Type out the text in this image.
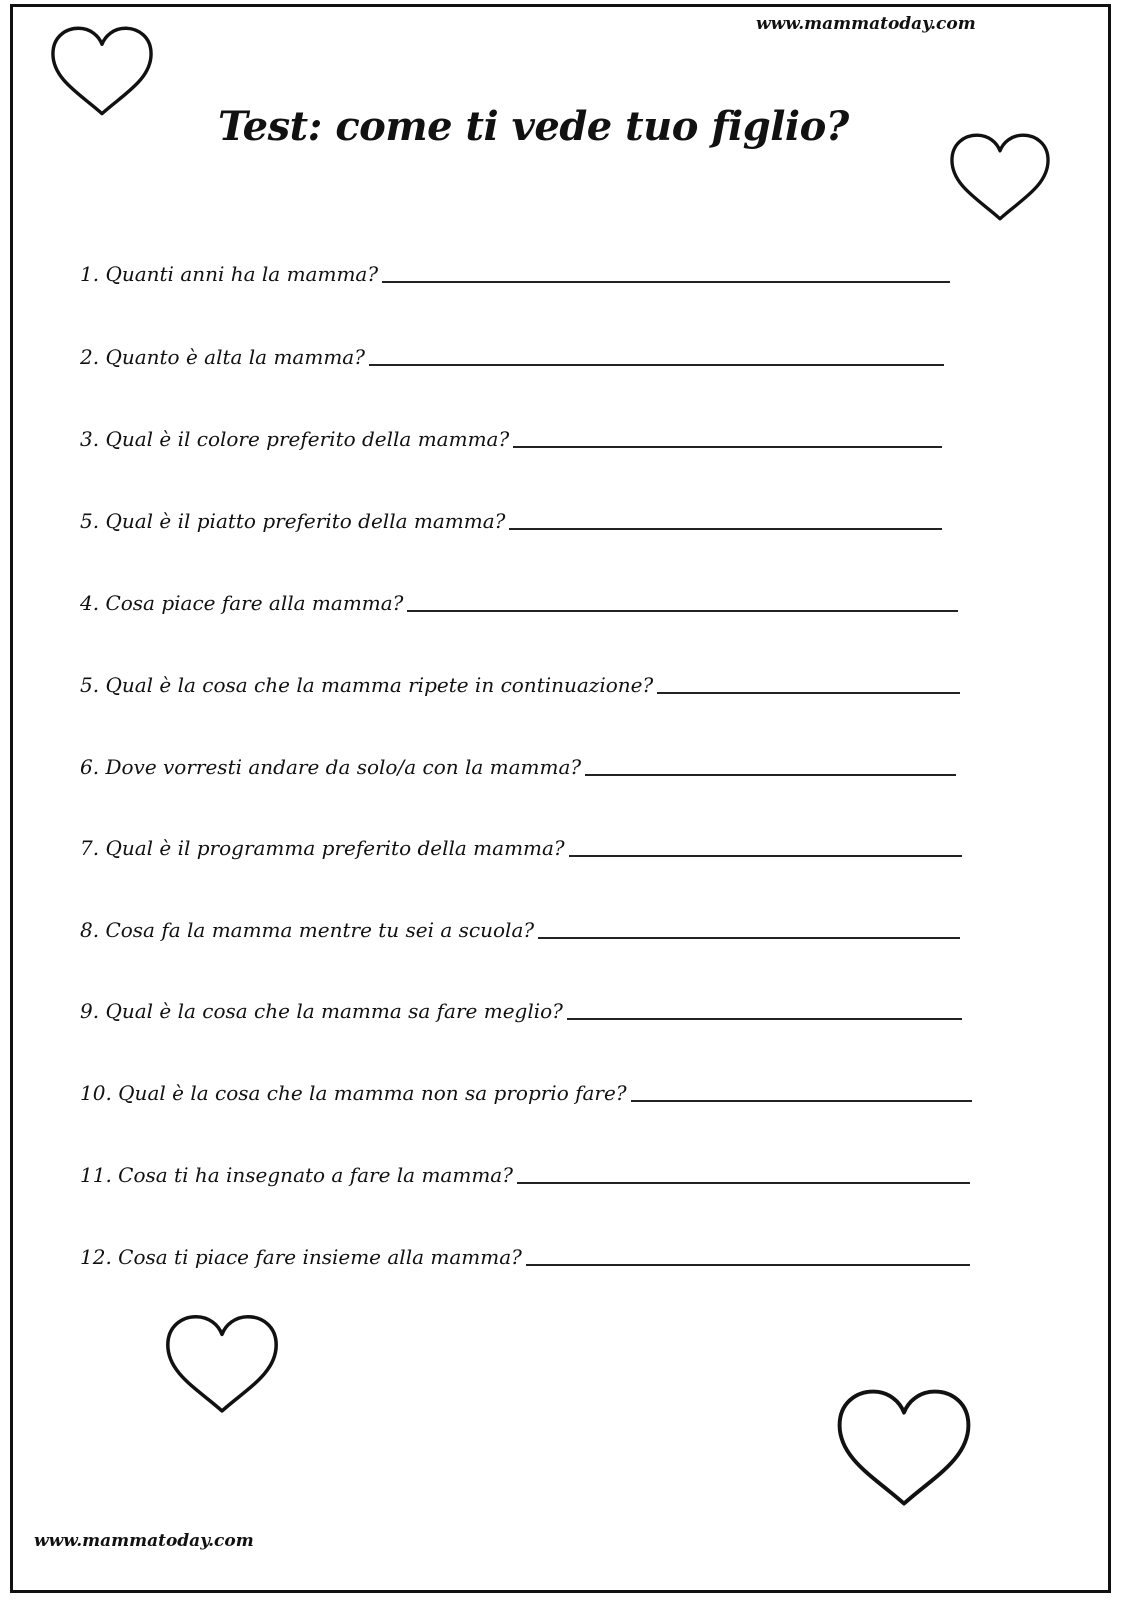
www.mammatoday.com
Test: come ti vede tuo figlio?
1. Quanti anni ha la mamma?
2. Quanto è alta la mamma?
3. Qual è il colore preferito della mamma?
5. Qual è il piatto preferito della mamma?
4. Cosa piace fare alla mamma?
5. Qual è la cosa che la mamma ripete in continuazione?
6. Dove vorresti andare da solo/a con la mamma?
7. Qual è il programma preferito della mamma?
8. Cosa fa la mamma mentre tu sei a scuola?
9. Qual è la cosa che la mamma sa fare meglio?
10. Qual è la cosa che la mamma non sa proprio fare?
11. Cosa ti ha insegnato a fare la mamma?
12. Cosa ti piace fare insieme alla mamma?
www.mammatoday.com
